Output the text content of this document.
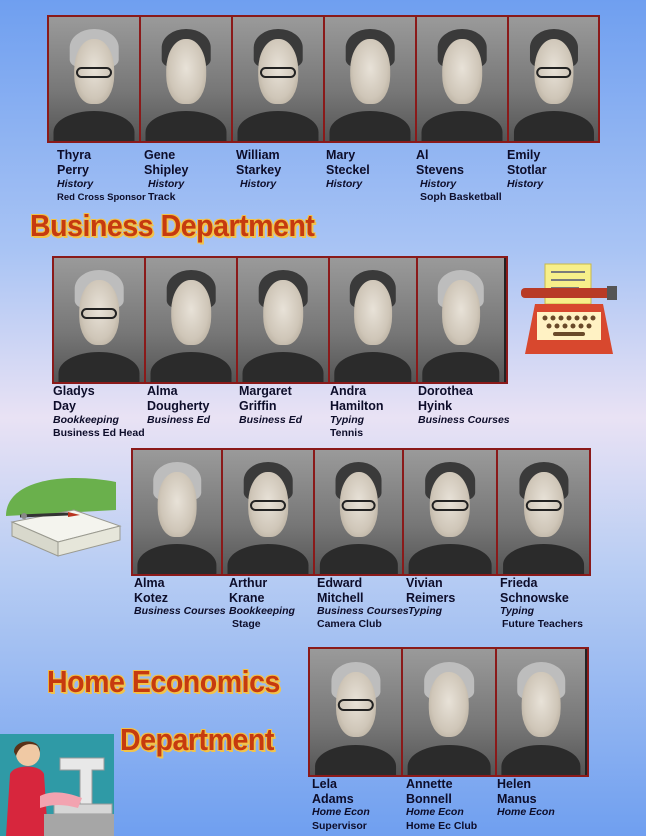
Thyra
Perry
History
Red Cross Sponsor
Gene
Shipley
History
Track
William
Starkey
History
Mary
Steckel
History
Al
Stevens
History
Soph Basketball
Emily
Stotlar
History
Business Department
Gladys
Day
Bookkeeping
Business Ed Head
Alma
Dougherty
Business Ed
Margaret
Griffin
Business Ed
Andra
Hamilton
Typing
Tennis
Dorothea
Hyink
Business Courses
Alma
Kotez
Business Courses
Arthur
Krane
Bookkeeping
Stage
Edward
Mitchell
Business Courses
Camera Club
Vivian
Reimers
Typing
Frieda
Schnowske
Typing
Future Teachers
Home Economics
Department
Lela
Adams
Home Econ
Supervisor
Annette
Bonnell
Home Econ
Home Ec Club
Helen
Manus
Home Econ
